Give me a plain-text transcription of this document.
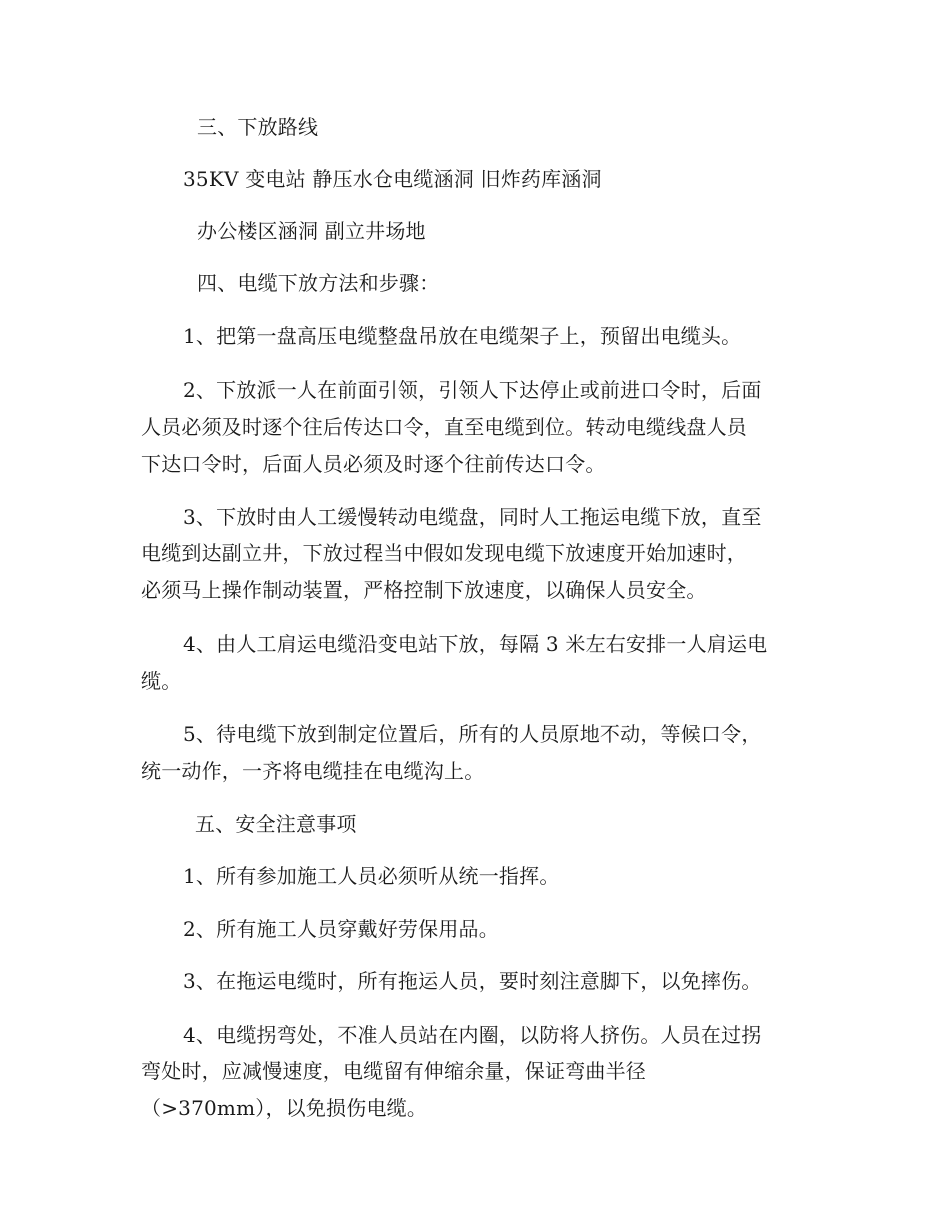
三、下放路线
35KV 变电站 静压水仓电缆涵洞 旧炸药库涵洞
办公楼区涵洞 副立井场地
四、电缆下放方法和步骤：
1、把第一盘高压电缆整盘吊放在电缆架子上，预留出电缆头。
2、下放派一人在前面引领，引领人下达停止或前进口令时，后面
人员必须及时逐个往后传达口令，直至电缆到位。转动电缆线盘人员
下达口令时，后面人员必须及时逐个往前传达口令。
3、下放时由人工缓慢转动电缆盘，同时人工拖运电缆下放，直至
电缆到达副立井，下放过程当中假如发现电缆下放速度开始加速时，
必须马上操作制动装置，严格控制下放速度，以确保人员安全。
4、由人工肩运电缆沿变电站下放，每隔 3 米左右安排一人肩运电
缆。
5、待电缆下放到制定位置后，所有的人员原地不动，等候口令，
统一动作，一齐将电缆挂在电缆沟上。
五、安全注意事项
1、所有参加施工人员必须听从统一指挥。
2、所有施工人员穿戴好劳保用品。
3、在拖运电缆时，所有拖运人员，要时刻注意脚下，以免摔伤。
4、电缆拐弯处，不准人员站在内圈，以防将人挤伤。人员在过拐
弯处时，应减慢速度，电缆留有伸缩余量，保证弯曲半径
（>370mm），以免损伤电缆。
